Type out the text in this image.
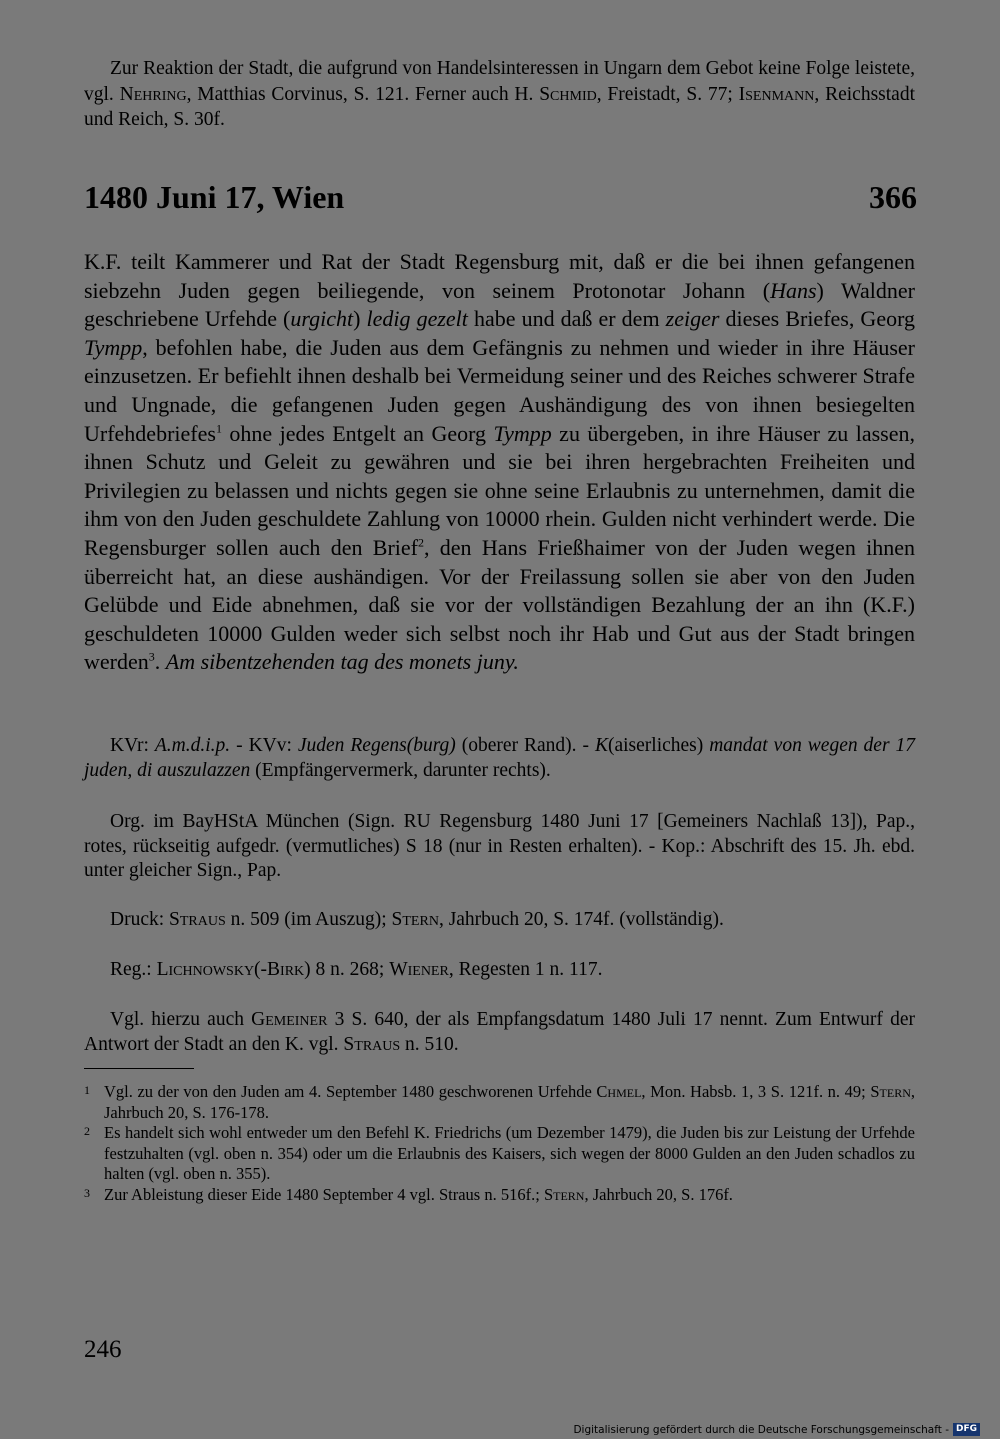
Zur Reaktion der Stadt, die aufgrund von Handelsinteressen in Ungarn dem Gebot keine Folge leistete, vgl. Nehring, Matthias Corvinus, S. 121. Ferner auch H. Schmid, Freistadt, S. 77; Isenmann, Reichsstadt und Reich, S. 30f.

1480 Juni 17, Wien	366

K.F. teilt Kammerer und Rat der Stadt Regensburg mit, daß er die bei ihnen gefangenen siebzehn Juden gegen beiliegende, von seinem Protonotar Johann (Hans) Waldner geschriebene Urfehde (urgicht) ledig gezelt habe und daß er dem zeiger dieses Briefes, Georg Tympp, befohlen habe, die Juden aus dem Gefängnis zu nehmen und wieder in ihre Häuser einzusetzen. Er befiehlt ihnen deshalb bei Vermeidung seiner und des Reiches schwerer Strafe und Ungnade, die gefangenen Juden gegen Aushändigung des von ihnen besiegelten Urfehdebriefes$^1$ ohne jedes Entgelt an Georg Tympp zu übergeben, in ihre Häuser zu lassen, ihnen Schutz und Geleit zu gewähren und sie bei ihren hergebrachten Freiheiten und Privilegien zu belassen und nichts gegen sie ohne seine Erlaubnis zu unternehmen, damit die ihm von den Juden geschuldete Zahlung von 10000 rhein. Gulden nicht verhindert werde. Die Regensburger sollen auch den Brief$^2$, den Hans Frießhaimer von der Juden wegen ihnen überreicht hat, an diese aushändigen. Vor der Freilassung sollen sie aber von den Juden Gelübde und Eide abnehmen, daß sie vor der vollständigen Bezahlung der an ihn (K.F.) geschuldeten 10000 Gulden weder sich selbst noch ihr Hab und Gut aus der Stadt bringen werden$^3$. Am sibentzehenden tag des monets juny.

KVr: A.m.d.i.p. - KVv: Juden Regens(burg) (oberer Rand). - K(aiserliches) mandat von wegen der 17 juden, di auszulazzen (Empfängervermerk, darunter rechts).

Org. im BayHStA München (Sign. RU Regensburg 1480 Juni 17 [Gemeiners Nachlaß 13]), Pap., rotes, rückseitig aufgedr. (vermutliches) S 18 (nur in Resten erhalten). - Kop.: Abschrift des 15. Jh. ebd. unter gleicher Sign., Pap.

Druck: Straus n. 509 (im Auszug); Stern, Jahrbuch 20, S. 174f. (vollständig).

Reg.: Lichnowsky(-Birk) 8 n. 268; Wiener, Regesten 1 n. 117.

Vgl. hierzu auch Gemeiner 3 S. 640, der als Empfangsdatum 1480 Juli 17 nennt. Zum Entwurf der Antwort der Stadt an den K. vgl. Straus n. 510.

1 Vgl. zu der von den Juden am 4. September 1480 geschworenen Urfehde Chmel, Mon. Habsb. 1, 3 S. 121f. n. 49; Stern, Jahrbuch 20, S. 176-178.
2 Es handelt sich wohl entweder um den Befehl K. Friedrichs (um Dezember 1479), die Juden bis zur Leistung der Urfehde festzuhalten (vgl. oben n. 354) oder um die Erlaubnis des Kaisers, sich wegen der 8000 Gulden an den Juden schadlos zu halten (vgl. oben n. 355).
3 Zur Ableistung dieser Eide 1480 September 4 vgl. Straus n. 516f.; Stern, Jahrbuch 20, S. 176f.
246
Digitalisierung gefördert durch die Deutsche Forschungsgemeinschaft - DFG
